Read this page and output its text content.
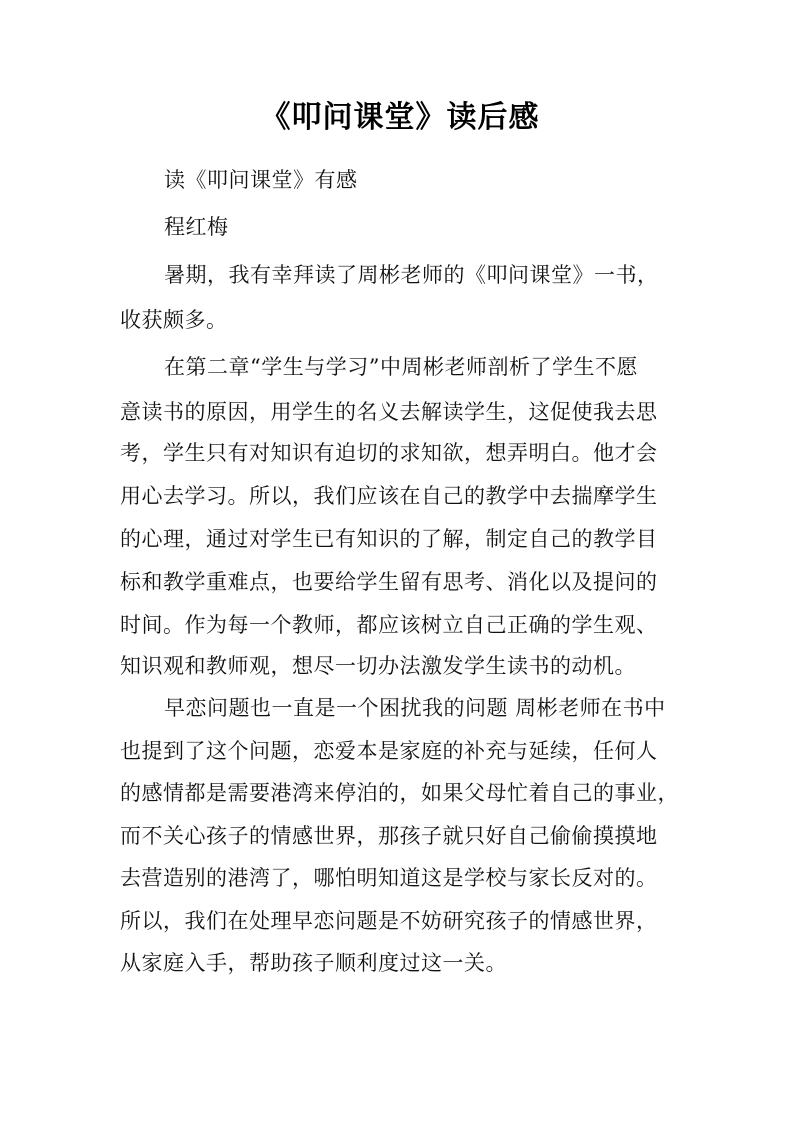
《叩问课堂》读后感
读《叩问课堂》有感
程红梅
暑期，我有幸拜读了周彬老师的《叩问课堂》一书，
收获颇多。
在第二章“学生与学习”中周彬老师剖析了学生不愿
意读书的原因，用学生的名义去解读学生，这促使我去思
考，学生只有对知识有迫切的求知欲，想弄明白。他才会
用心去学习。所以，我们应该在自己的教学中去揣摩学生
的心理，通过对学生已有知识的了解，制定自己的教学目
标和教学重难点，也要给学生留有思考、消化以及提问的
时间。作为每一个教师，都应该树立自己正确的学生观、
知识观和教师观，想尽一切办法激发学生读书的动机。
早恋问题也一直是一个困扰我的问题 周彬老师在书中
也提到了这个问题，恋爱本是家庭的补充与延续，任何人
的感情都是需要港湾来停泊的，如果父母忙着自己的事业，
而不关心孩子的情感世界，那孩子就只好自己偷偷摸摸地
去营造别的港湾了，哪怕明知道这是学校与家长反对的。
所以，我们在处理早恋问题是不妨研究孩子的情感世界，
从家庭入手，帮助孩子顺利度过这一关。
